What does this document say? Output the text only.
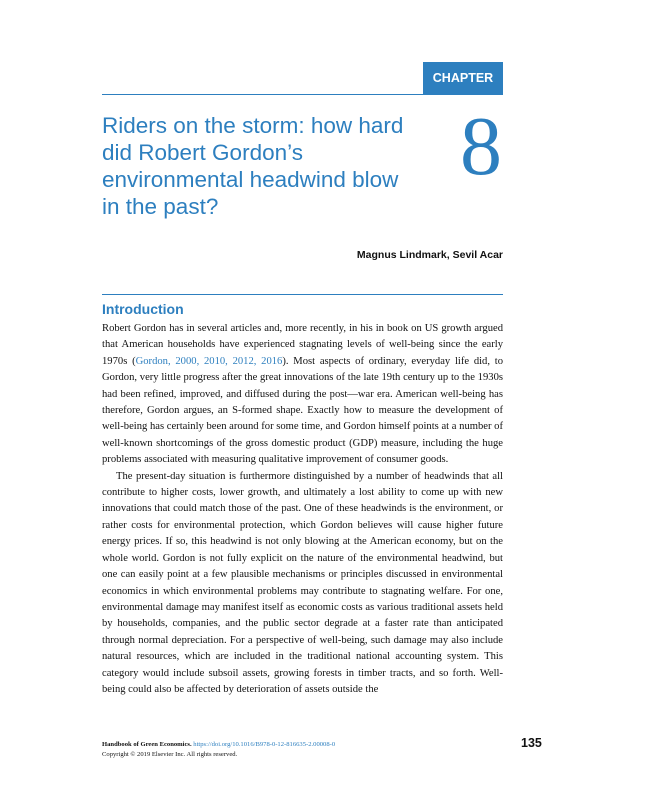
CHAPTER
Riders on the storm: how hard did Robert Gordon’s environmental headwind blow in the past?
8
Magnus Lindmark, Sevil Acar
Introduction

Robert Gordon has in several articles and, more recently, in his in book on US growth argued that American households have experienced stagnating levels of well-being since the early 1970s (Gordon, 2000, 2010, 2012, 2016). Most aspects of ordinary, everyday life did, to Gordon, very little progress after the great innovations of the late 19th century up to the 1930s had been refined, improved, and diffused during the post—war era. American well-being has therefore, Gordon argues, an S-formed shape. Exactly how to measure the development of well-being has certainly been around for some time, and Gordon himself points at a number of well-known shortcomings of the gross domestic product (GDP) measure, including the huge problems associated with measuring qualitative improvement of consumer goods.

The present-day situation is furthermore distinguished by a number of headwinds that all contribute to higher costs, lower growth, and ultimately a lost ability to come up with new innovations that could match those of the past. One of these headwinds is the environment, or rather costs for environmental protection, which Gordon believes will cause higher future energy prices. If so, this headwind is not only blowing at the American economy, but on the whole world. Gordon is not fully explicit on the nature of the environmental headwind, but one can easily point at a few plausible mechanisms or principles discussed in environmental economics in which environmental problems may contribute to stagnating welfare. For one, environmental damage may manifest itself as economic costs as various traditional assets held by households, companies, and the public sector degrade at a faster rate than anticipated through normal depreciation. For a perspective of well-being, such damage may also include natural resources, which are included in the traditional national accounting system. This category would include subsoil assets, growing forests in timber tracts, and so forth. Well-being could also be affected by deterioration of assets outside the

Handbook of Green Economics. https://doi.org/10.1016/B978-0-12-816635-2.00008-0
Copyright © 2019 Elsevier Inc. All rights reserved.
135
